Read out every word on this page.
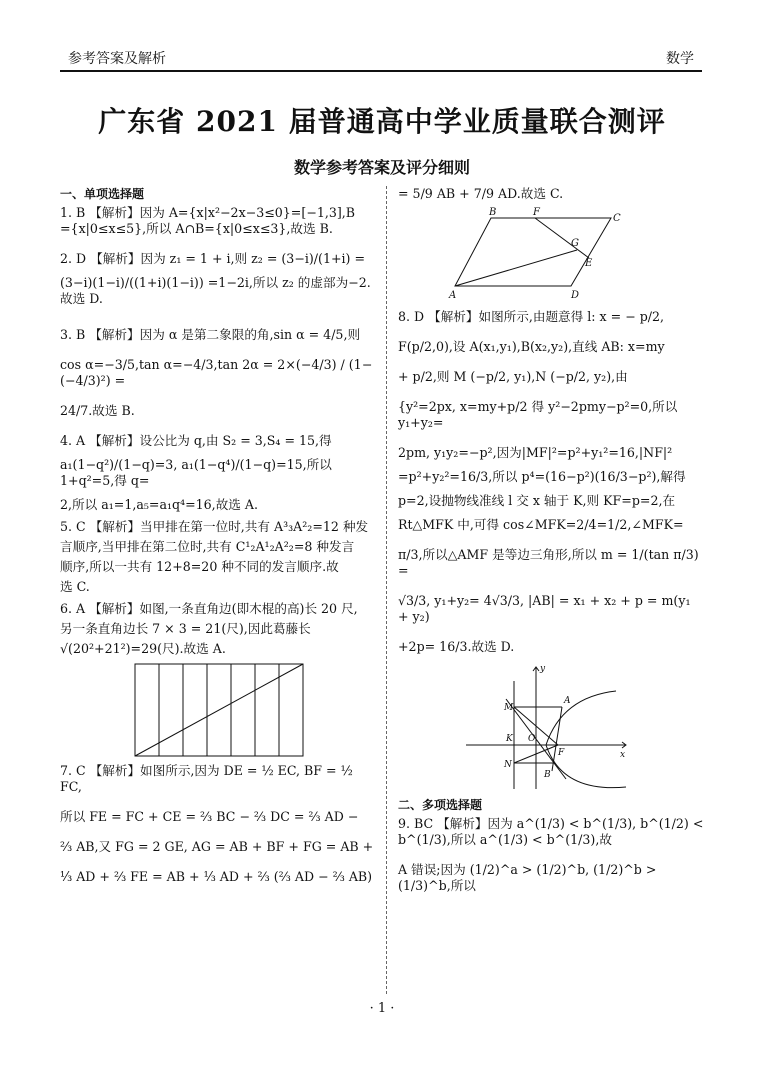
参考答案及解析	数学
广东省 2021 届普通高中学业质量联合测评
数学参考答案及评分细则
一、单项选择题

1. B 【解析】因为 A={x|x²−2x−3≤0}=[−1,3],B

={x|0≤x≤5},所以 A∩B={x|0≤x≤3},故选 B.

2. D 【解析】因为 z₁ = 1 + i,则 z₂ = (3−i)/(1+i) =

(3−i)(1−i)/((1+i)(1−i)) =1−2i,所以 z₂ 的虚部为−2.故选 D.

3. B 【解析】因为 α 是第二象限的角,sin α = 4/5,则

cos α=−3/5,tan α=−4/3,tan 2α = 2×(−4/3) / (1−(−4/3)²) =

24/7.故选 B.

4. A 【解析】设公比为 q,由 S₂ = 3,S₄ = 15,得

a₁(1−q²)/(1−q)=3, a₁(1−q⁴)/(1−q)=15,所以 1+q²=5,得 q=

2,所以 a₁=1,a₅=a₁q⁴=16,故选 A.

5. C 【解析】当甲排在第一位时,共有 A³₃A²₂=12 种发

言顺序,当甲排在第二位时,共有 C¹₂A¹₂A²₂=8 种发言

顺序,所以一共有 12+8=20 种不同的发言顺序.故

选 C.

6. A 【解析】如图,一条直角边(即木棍的高)长 20 尺,

另一条直角边长 7 × 3 = 21(尺),因此葛藤长

√(20²+21²)=29(尺).故选 A.

7. C 【解析】如图所示,因为 DE = ½ EC, BF = ½ FC,

所以 FE = FC + CE = ⅔ BC − ⅔ DC = ⅔ AD −

⅔ AB,又 FG = 2 GE, AG = AB + BF + FG = AB +

⅓ AD + ⅔ FE = AB + ⅓ AD + ⅔ (⅔ AD − ⅔ AB)

= 5/9 AB + 7/9 AD.故选 C.

B	F
C
G
E
A	D

8. D 【解析】如图所示,由题意得 l: x = − p/2,

F(p/2,0),设 A(x₁,y₁),B(x₂,y₂),直线 AB: x=my

+ p/2,则 M (−p/2, y₁),N (−p/2, y₂),由

{y²=2px, x=my+p/2 得 y²−2pmy−p²=0,所以 y₁+y₂=

2pm, y₁y₂=−p²,因为|MF|²=p²+y₁²=16,|NF|²

=p²+y₂²=16/3,所以 p⁴=(16−p²)(16/3−p²),解得

p=2,设抛物线准线 l 交 x 轴于 K,则 KF=p=2,在

Rt△MFK 中,可得 cos∠MFK=2/4=1/2,∠MFK=

π/3,所以△AMF 是等边三角形,所以 m = 1/(tan π/3) =

√3/3, y₁+y₂= 4√3/3, |AB| = x₁ + x₂ + p = m(y₁ + y₂)

+2p= 16/3.故选 D.

y
x
M
A
K O
F
N
B
二、多项选择题

9. BC 【解析】因为 a^(1/3) < b^(1/3), b^(1/2) < b^(1/3),所以 a^(1/3) < b^(1/3),故

A 错误;因为 (1/2)^a > (1/2)^b, (1/2)^b > (1/3)^b,所以

· 1 ·
